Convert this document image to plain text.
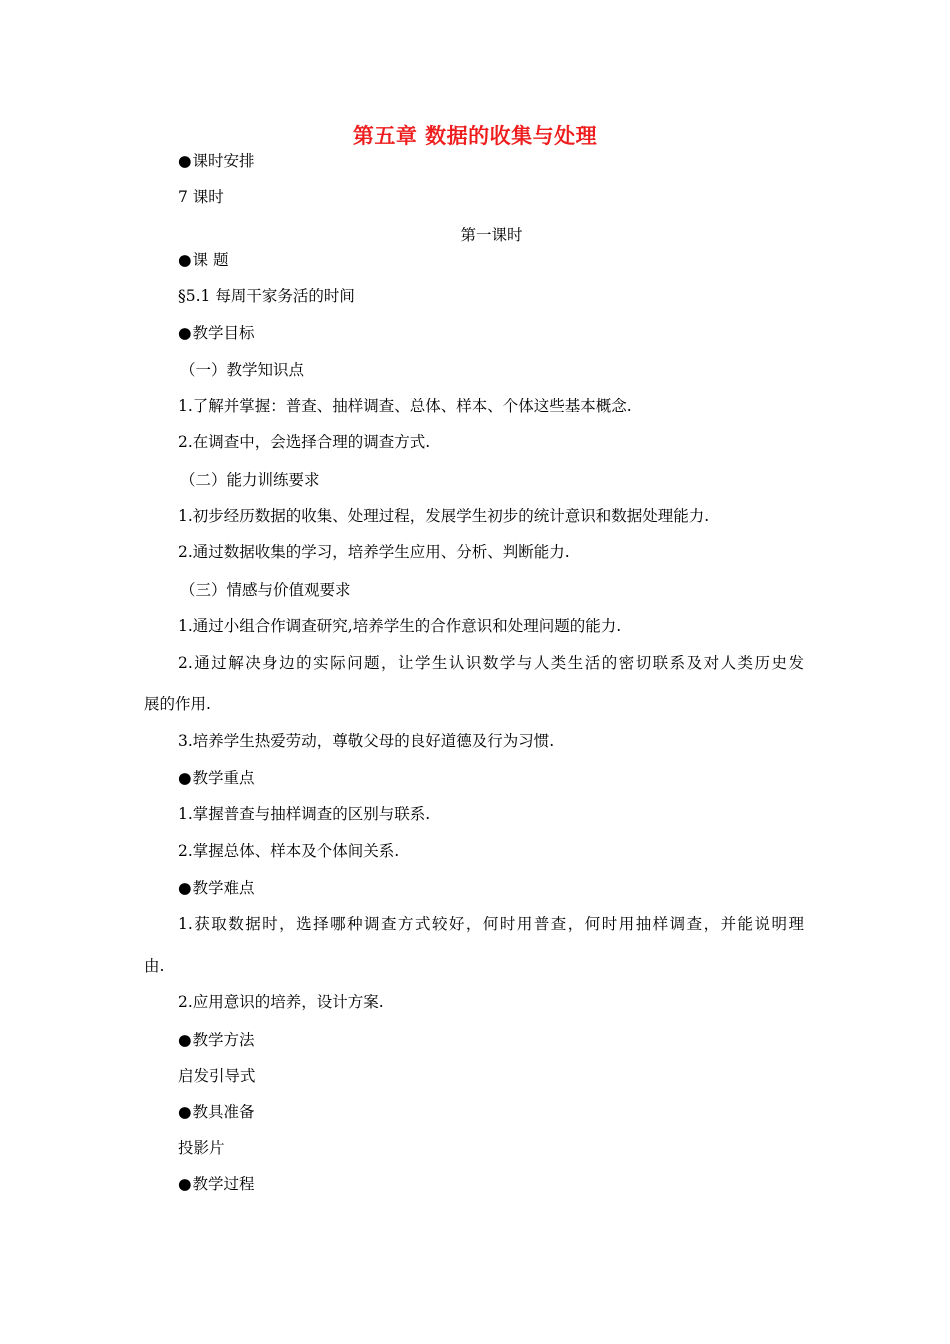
第五章 数据的收集与处理
●课时安排
7 课时
第一课时
●课 题
§5.1 每周干家务活的时间
●教学目标
（一）教学知识点
1.了解并掌握：普查、抽样调查、总体、样本、个体这些基本概念.
2.在调查中，会选择合理的调查方式.
（二）能力训练要求
1.初步经历数据的收集、处理过程，发展学生初步的统计意识和数据处理能力.
2.通过数据收集的学习，培养学生应用、分析、判断能力.
（三）情感与价值观要求
1.通过小组合作调查研究,培养学生的合作意识和处理问题的能力.
2.通过解决身边的实际问题，让学生认识数学与人类生活的密切联系及对人类历史发
展的作用.
3.培养学生热爱劳动，尊敬父母的良好道德及行为习惯.
●教学重点
1.掌握普查与抽样调查的区别与联系.
2.掌握总体、样本及个体间关系.
●教学难点
1.获取数据时，选择哪种调查方式较好，何时用普查，何时用抽样调查，并能说明理
由.
2.应用意识的培养，设计方案.
●教学方法
启发引导式
●教具准备
投影片
●教学过程
